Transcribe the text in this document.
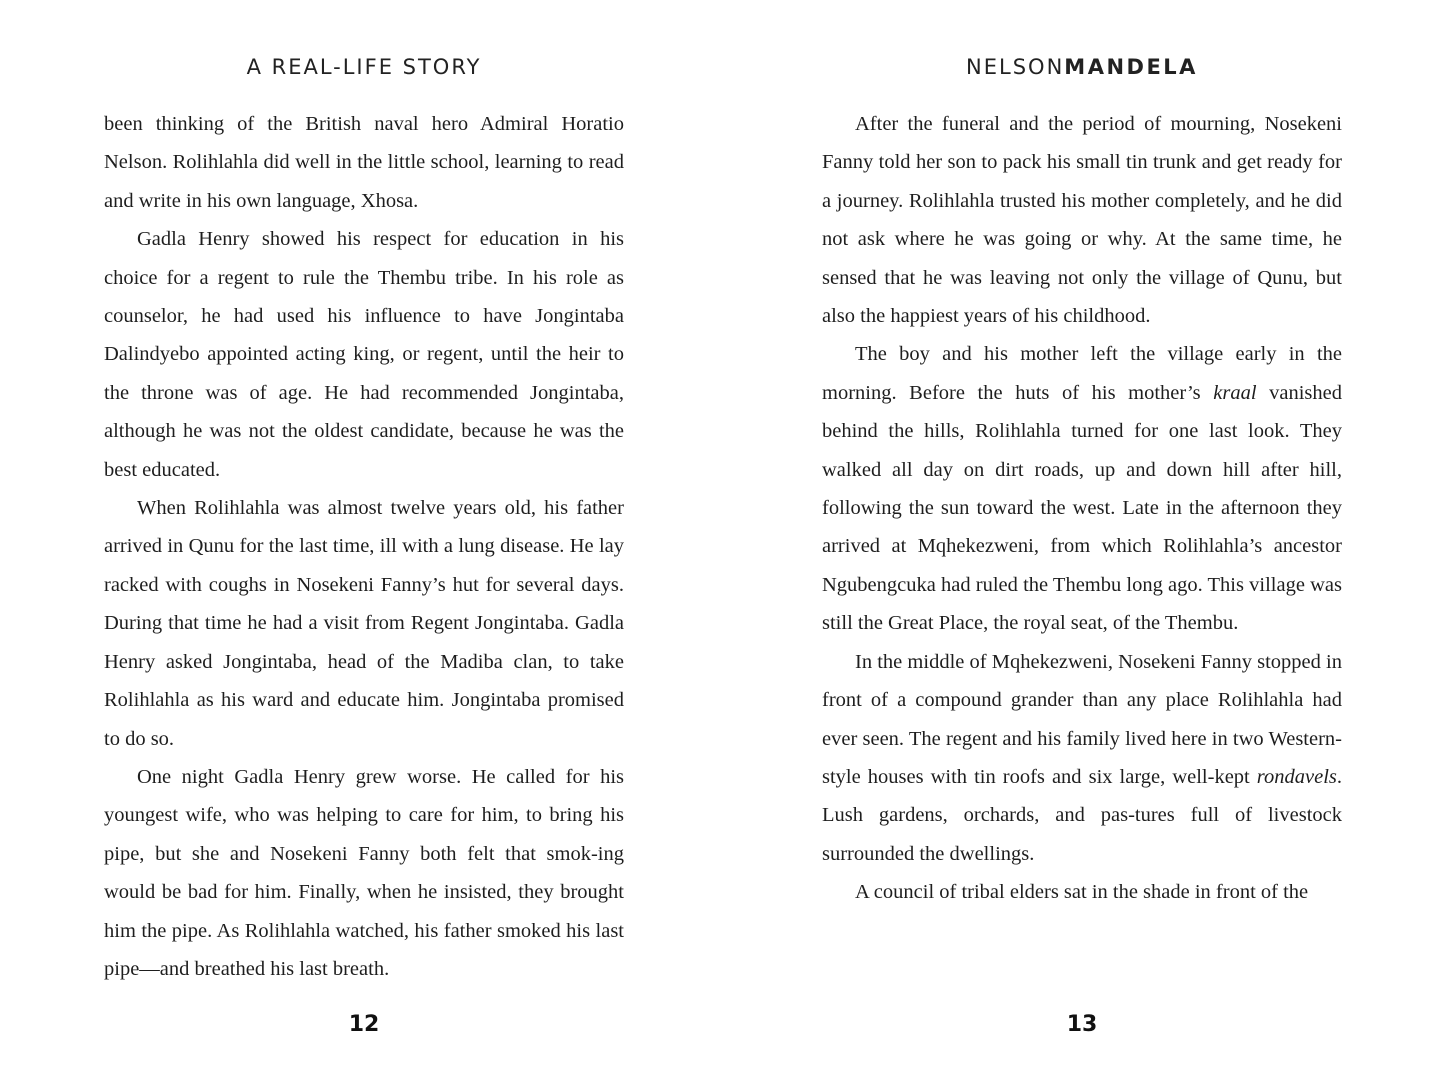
A REAL-LIFE STORY

been thinking of the British naval hero Admiral Horatio Nelson. Rolihlahla did well in the little school, learning to read and write in his own language, Xhosa.

Gadla Henry showed his respect for education in his choice for a regent to rule the Thembu tribe. In his role as counselor, he had used his influence to have Jongintaba Dalindyebo appointed acting king, or regent, until the heir to the throne was of age. He had recommended Jongintaba, although he was not the oldest candidate, because he was the best educated.

When Rolihlahla was almost twelve years old, his father arrived in Qunu for the last time, ill with a lung disease. He lay racked with coughs in Nosekeni Fanny’s hut for several days. During that time he had a visit from Regent Jongintaba. Gadla Henry asked Jongintaba, head of the Madiba clan, to take Rolihlahla as his ward and educate him. Jongintaba promised to do so.

One night Gadla Henry grew worse. He called for his youngest wife, who was helping to care for him, to bring his pipe, but she and Nosekeni Fanny both felt that smok-ing would be bad for him. Finally, when he insisted, they brought him the pipe. As Rolihlahla watched, his father smoked his last pipe—and breathed his last breath.

12
NELSONMANDELA

After the funeral and the period of mourning, Nosekeni Fanny told her son to pack his small tin trunk and get ready for a journey. Rolihlahla trusted his mother completely, and he did not ask where he was going or why. At the same time, he sensed that he was leaving not only the village of Qunu, but also the happiest years of his childhood.

The boy and his mother left the village early in the morning. Before the huts of his mother’s kraal vanished behind the hills, Rolihlahla turned for one last look. They walked all day on dirt roads, up and down hill after hill, following the sun toward the west. Late in the afternoon they arrived at Mqhekezweni, from which Rolihlahla’s ancestor Ngubengcuka had ruled the Thembu long ago. This village was still the Great Place, the royal seat, of the Thembu.

In the middle of Mqhekezweni, Nosekeni Fanny stopped in front of a compound grander than any place Rolihlahla had ever seen. The regent and his family lived here in two Western-style houses with tin roofs and six large, well-kept rondavels. Lush gardens, orchards, and pas-tures full of livestock surrounded the dwellings.

A council of tribal elders sat in the shade in front of the

13
